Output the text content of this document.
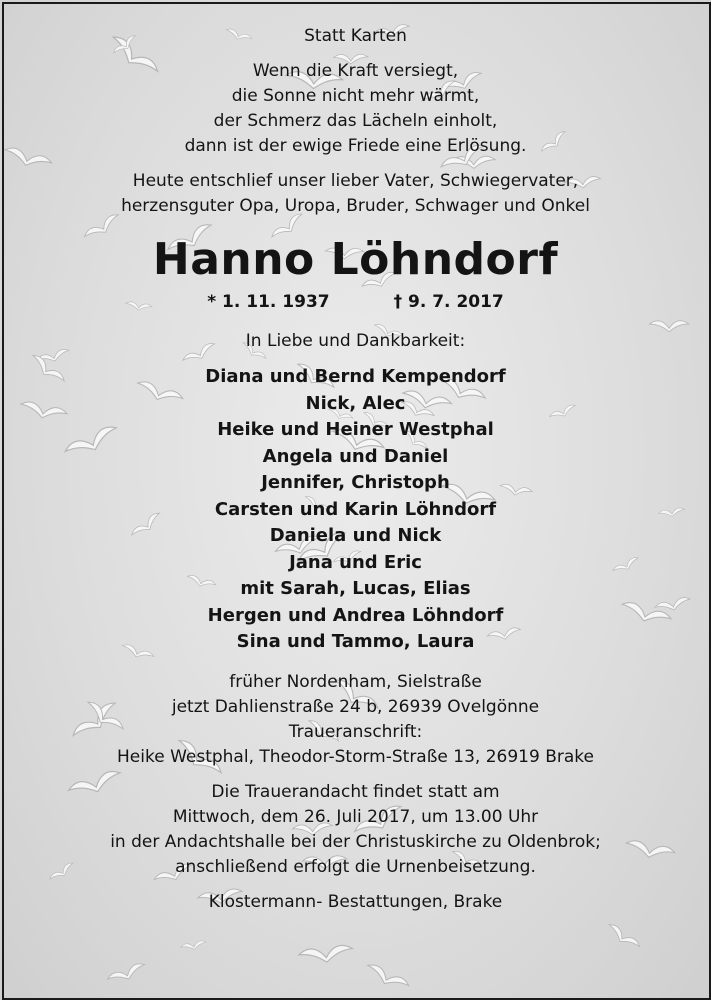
Statt Karten
Wenn die Kraft versiegt,
die Sonne nicht mehr wärmt,
der Schmerz das Lächeln einholt,
dann ist der ewige Friede eine Erlösung.
Heute entschlief unser lieber Vater, Schwiegervater,
herzensguter Opa, Uropa, Bruder, Schwager und Onkel
Hanno Löhndorf
* 1. 11. 1937	† 9. 7. 2017
In Liebe und Dankbarkeit:
Diana und Bernd Kempendorf
Nick, Alec
Heike und Heiner Westphal
Angela und Daniel
Jennifer, Christoph
Carsten und Karin Löhndorf
Daniela und Nick
Jana und Eric
mit Sarah, Lucas, Elias
Hergen und Andrea Löhndorf
Sina und Tammo, Laura
früher Nordenham, Sielstraße
jetzt Dahlienstraße 24 b, 26939 Ovelgönne
Traueranschrift:
Heike Westphal, Theodor-Storm-Straße 13, 26919 Brake
Die Trauerandacht findet statt am
Mittwoch, dem 26. Juli 2017, um 13.00 Uhr
in der Andachtshalle bei der Christuskirche zu Oldenbrok;
anschließend erfolgt die Urnenbeisetzung.
Klostermann- Bestattungen, Brake
